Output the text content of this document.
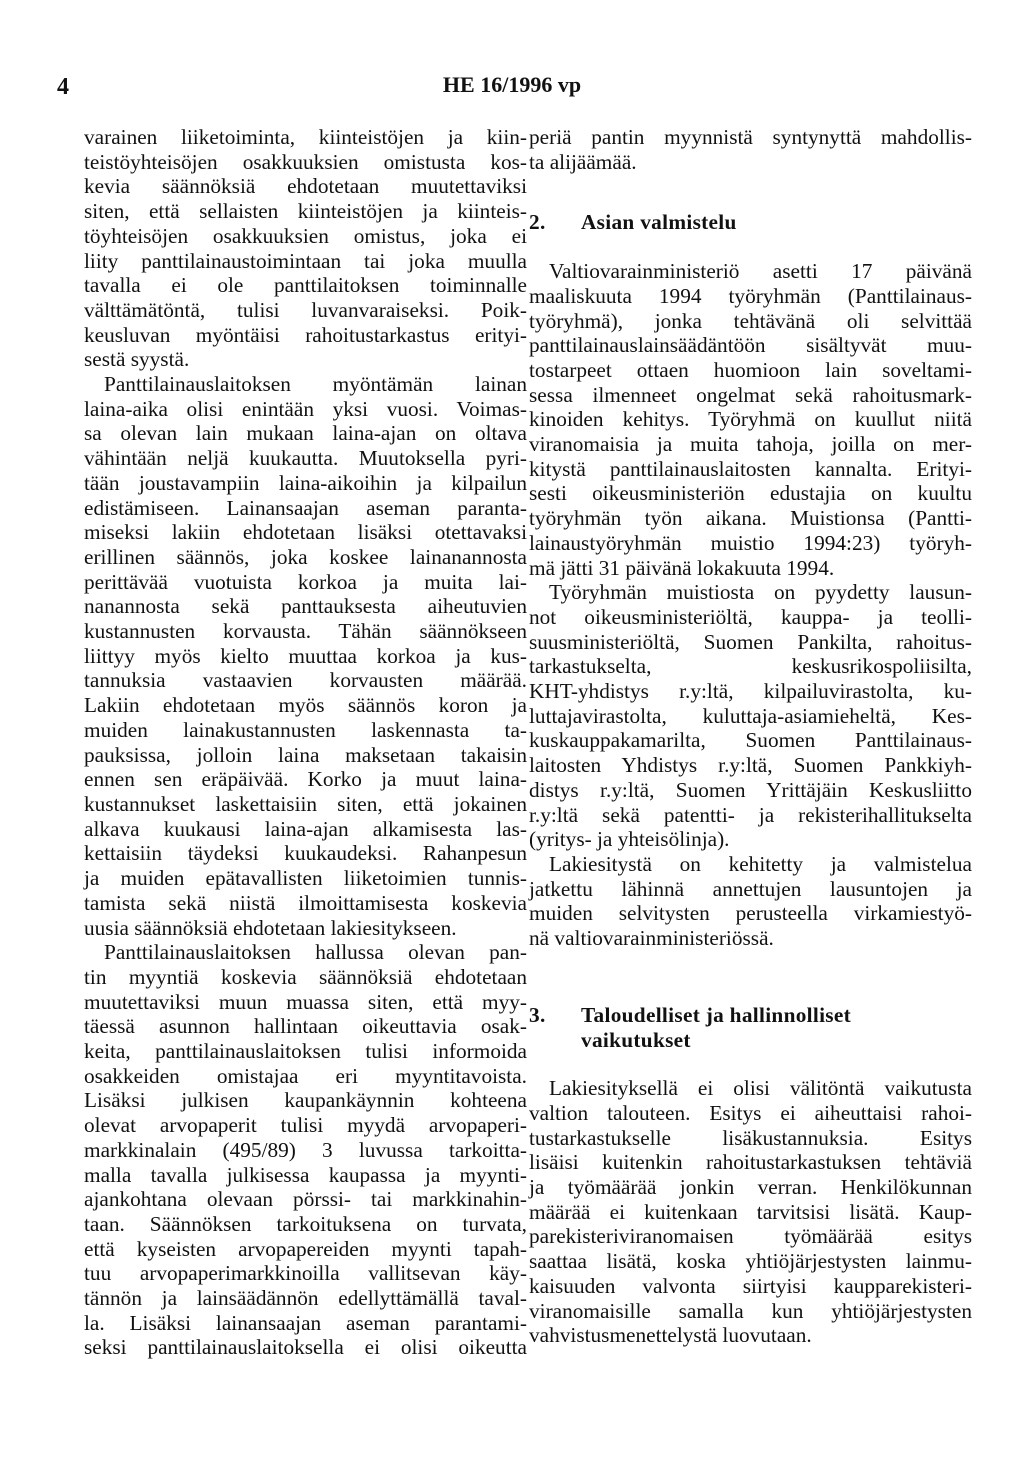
4	HE 16/1996 vp
varainen liiketoiminta, kiinteistöjen ja kiin-
teistöyhteisöjen osakkuuksien omistusta kos-
kevia säännöksiä ehdotetaan muutettaviksi
siten, että sellaisten kiinteistöjen ja kiinteis-
töyhteisöjen osakkuuksien omistus, joka ei
liity panttilainaustoimintaan tai joka muulla
tavalla ei ole panttilaitoksen toiminnalle
välttämätöntä, tulisi luvanvaraiseksi. Poik-
keusluvan myöntäisi rahoitustarkastus erityi-
sestä syystä.
Panttilainauslaitoksen myöntämän lainan
laina-aika olisi enintään yksi vuosi. Voimas-
sa olevan lain mukaan laina-ajan on oltava
vähintään neljä kuukautta. Muutoksella pyri-
tään joustavampiin laina-aikoihin ja kilpailun
edistämiseen. Lainansaajan aseman paranta-
miseksi lakiin ehdotetaan lisäksi otettavaksi
erillinen säännös, joka koskee lainanannosta
perittävää vuotuista korkoa ja muita lai-
nanannosta sekä panttauksesta aiheutuvien
kustannusten korvausta. Tähän säännökseen
liittyy myös kielto muuttaa korkoa ja kus-
tannuksia vastaavien korvausten määrää.
Lakiin ehdotetaan myös säännös koron ja
muiden lainakustannusten laskennasta ta-
pauksissa, jolloin laina maksetaan takaisin
ennen sen eräpäivää. Korko ja muut laina-
kustannukset laskettaisiin siten, että jokainen
alkava kuukausi laina-ajan alkamisesta las-
kettaisiin täydeksi kuukaudeksi. Rahanpesun
ja muiden epätavallisten liiketoimien tunnis-
tamista sekä niistä ilmoittamisesta koskevia
uusia säännöksiä ehdotetaan lakiesitykseen.
Panttilainauslaitoksen hallussa olevan pan-
tin myyntiä koskevia säännöksiä ehdotetaan
muutettaviksi muun muassa siten, että myy-
täessä asunnon hallintaan oikeuttavia osak-
keita, panttilainauslaitoksen tulisi informoida
osakkeiden omistajaa eri myyntitavoista.
Lisäksi julkisen kaupankäynnin kohteena
olevat arvopaperit tulisi myydä arvopaperi-
markkinalain (495/89) 3 luvussa tarkoitta-
malla tavalla julkisessa kaupassa ja myynti-
ajankohtana olevaan pörssi- tai markkinahin-
taan. Säännöksen tarkoituksena on turvata,
että kyseisten arvopapereiden myynti tapah-
tuu arvopaperimarkkinoilla vallitsevan käy-
tännön ja lainsäädännön edellyttämällä taval-
la. Lisäksi lainansaajan aseman parantami-
seksi panttilainauslaitoksella ei olisi oikeutta
periä pantin myynnistä syntynyttä mahdollis-
ta alijäämää.
2.	Asian valmistelu
Valtiovarainministeriö asetti 17 päivänä
maaliskuuta 1994 työryhmän (Panttilainaus-
työryhmä), jonka tehtävänä oli selvittää
panttilainauslainsäädäntöön sisältyvät muu-
tostarpeet ottaen huomioon lain soveltami-
sessa ilmenneet ongelmat sekä rahoitusmark-
kinoiden kehitys. Työryhmä on kuullut niitä
viranomaisia ja muita tahoja, joilla on mer-
kitystä panttilainauslaitosten kannalta. Erityi-
sesti oikeusministeriön edustajia on kuultu
työryhmän työn aikana. Muistionsa (Pantti-
lainaustyöryhmän muistio 1994:23) työryh-
mä jätti 31 päivänä lokakuuta 1994.
Työryhmän muistiosta on pyydetty lausun-
not oikeusministeriöltä, kauppa- ja teolli-
suusministeriöltä, Suomen Pankilta, rahoitus-
tarkastukselta, keskusrikospoliisilta,
KHT-yhdistys r.y:ltä, kilpailuvirastolta, ku-
luttajavirastolta, kuluttaja-asiamieheltä, Kes-
kuskauppakamarilta, Suomen Panttilainaus-
laitosten Yhdistys r.y:ltä, Suomen Pankkiyh-
distys r.y:ltä, Suomen Yrittäjäin Keskusliitto
r.y:ltä sekä patentti- ja rekisterihallitukselta
(yritys- ja yhteisölinja).
Lakiesitystä on kehitetty ja valmistelua
jatkettu lähinnä annettujen lausuntojen ja
muiden selvitysten perusteella virkamiestyö-
nä valtiovarainministeriössä.
3.	Taloudelliset ja hallinnolliset
vaikutukset
Lakiesityksellä ei olisi välitöntä vaikutusta
valtion talouteen. Esitys ei aiheuttaisi rahoi-
tustarkastukselle lisäkustannuksia. Esitys
lisäisi kuitenkin rahoitustarkastuksen tehtäviä
ja työmäärää jonkin verran. Henkilökunnan
määrää ei kuitenkaan tarvitsisi lisätä. Kaup-
parekisteriviranomaisen työmäärää esitys
saattaa lisätä, koska yhtiöjärjestysten lainmu-
kaisuuden valvonta siirtyisi kaupparekisteri-
viranomaisille samalla kun yhtiöjärjestysten
vahvistusmenettelystä luovutaan.
